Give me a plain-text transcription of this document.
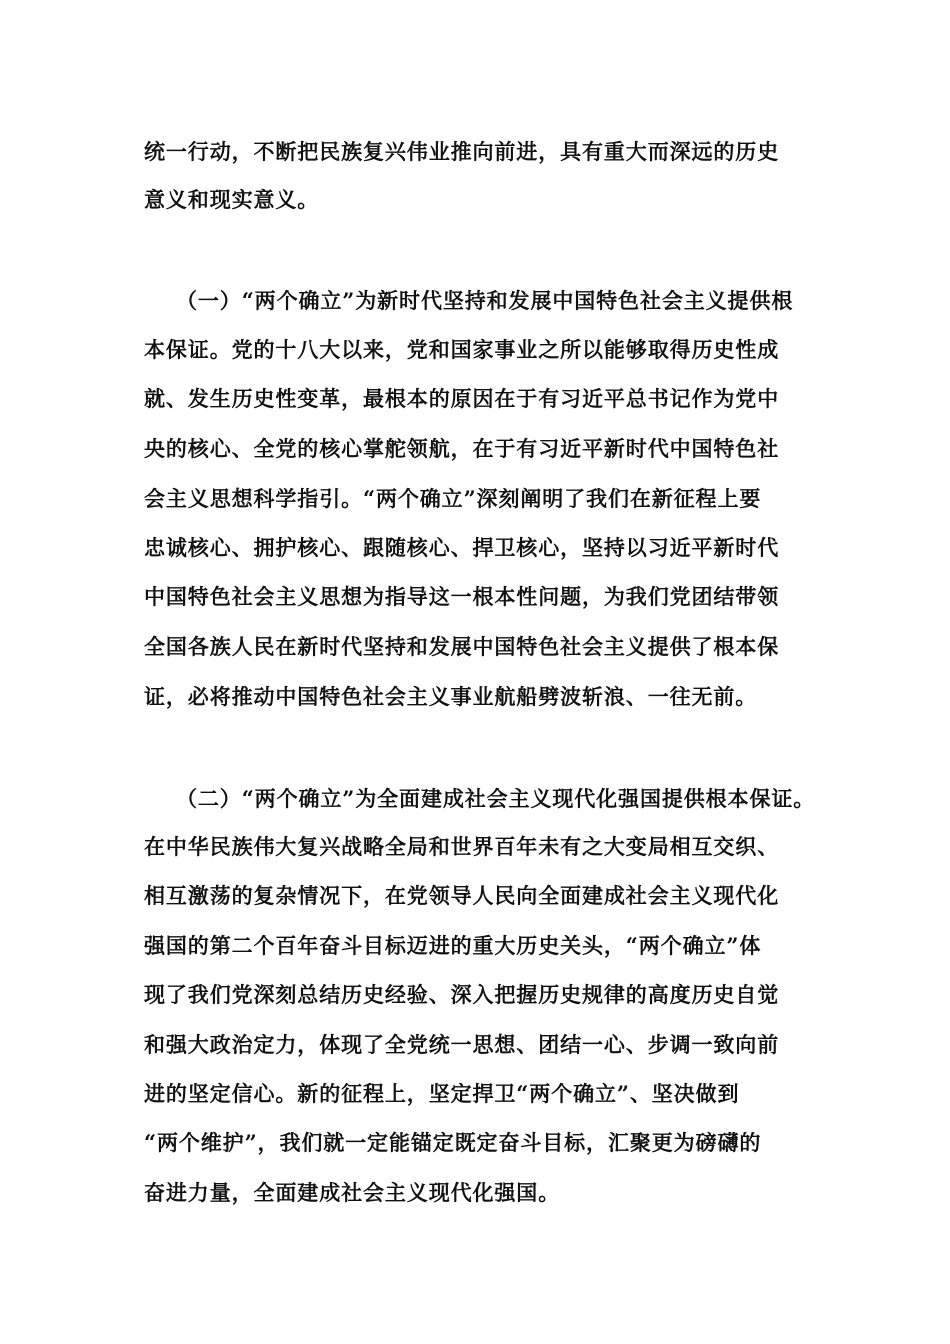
统一行动，不断把民族复兴伟业推向前进，具有重大而深远的历史
意义和现实意义。
（一）“两个确立”为新时代坚持和发展中国特色社会主义提供根
本保证。党的十八大以来，党和国家事业之所以能够取得历史性成
就、发生历史性变革，最根本的原因在于有习近平总书记作为党中
央的核心、全党的核心掌舵领航，在于有习近平新时代中国特色社
会主义思想科学指引。“两个确立”深刻阐明了我们在新征程上要
忠诚核心、拥护核心、跟随核心、捍卫核心，坚持以习近平新时代
中国特色社会主义思想为指导这一根本性问题，为我们党团结带领
全国各族人民在新时代坚持和发展中国特色社会主义提供了根本保
证，必将推动中国特色社会主义事业航船劈波斩浪、一往无前。
（二）“两个确立”为全面建成社会主义现代化强国提供根本保证。
在中华民族伟大复兴战略全局和世界百年未有之大变局相互交织、
相互激荡的复杂情况下，在党领导人民向全面建成社会主义现代化
强国的第二个百年奋斗目标迈进的重大历史关头，“两个确立”体
现了我们党深刻总结历史经验、深入把握历史规律的高度历史自觉
和强大政治定力，体现了全党统一思想、团结一心、步调一致向前
进的坚定信心。新的征程上，坚定捍卫“两个确立”、坚决做到
“两个维护”，我们就一定能锚定既定奋斗目标，汇聚更为磅礴的
奋进力量，全面建成社会主义现代化强国。
